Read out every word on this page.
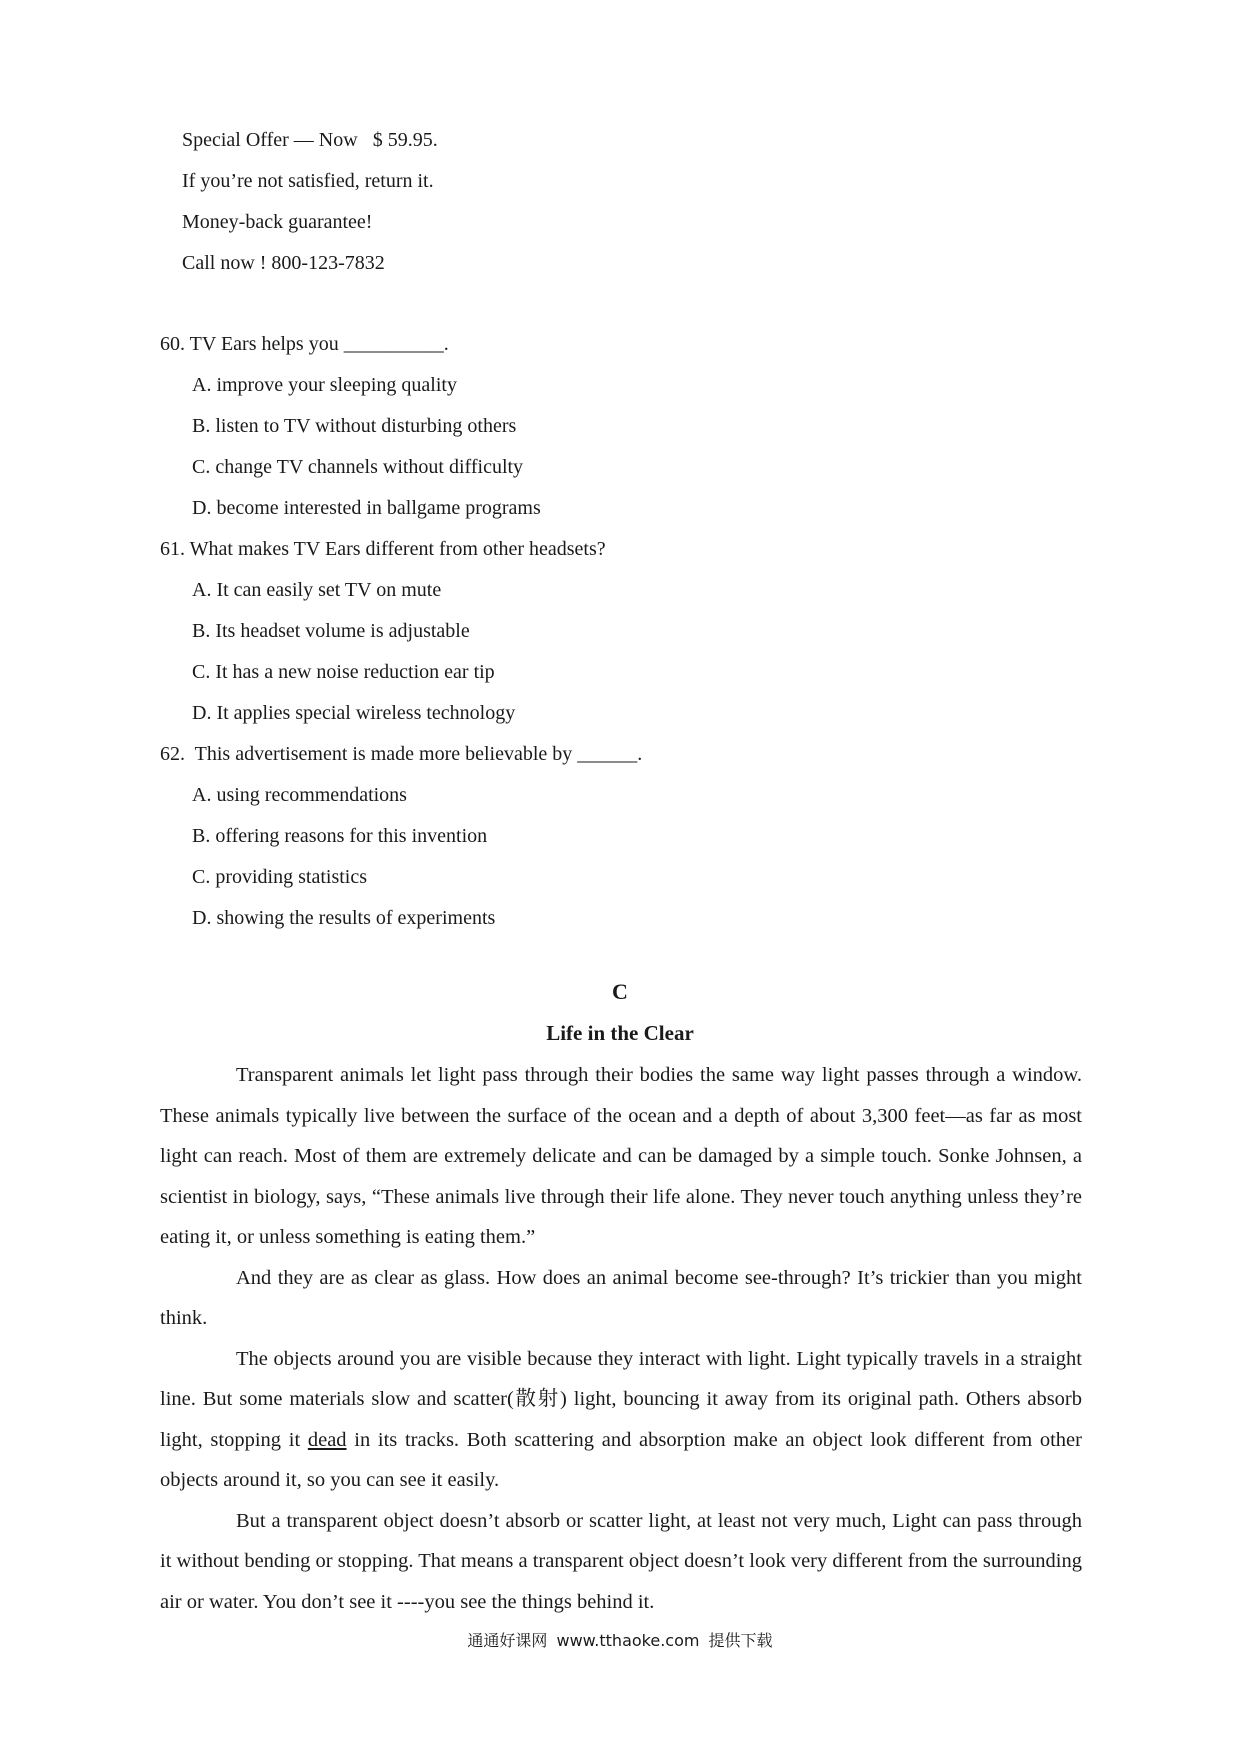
Special Offer — Now   $ 59.95.
If you’re not satisfied, return it.
Money-back guarantee!
Call now ! 800-123-7832
60. TV Ears helps you __________.
A. improve your sleeping quality
B. listen to TV without disturbing others
C. change TV channels without difficulty
D. become interested in ballgame programs
61. What makes TV Ears different from other headsets?
A. It can easily set TV on mute
B. Its headset volume is adjustable
C. It has a new noise reduction ear tip
D. It applies special wireless technology
62.  This advertisement is made more believable by ______.
A. using recommendations
B. offering reasons for this invention
C. providing statistics
D. showing the results of experiments
C
Life in the Clear

Transparent animals let light pass through their bodies the same way light passes through a window. These animals typically live between the surface of the ocean and a depth of about 3,300 feet—as far as most light can reach. Most of them are extremely delicate and can be damaged by a simple touch. Sonke Johnsen, a scientist in biology, says, “These animals live through their life alone. They never touch anything unless they’re eating it, or unless something is eating them.”

And they are as clear as glass. How does an animal become see-through? It’s trickier than you might think.

The objects around you are visible because they interact with light. Light typically travels in a straight line. But some materials slow and scatter(散射) light, bouncing it away from its original path. Others absorb light, stopping it dead in its tracks. Both scattering and absorption make an object look different from other objects around it, so you can see it easily.

But a transparent object doesn’t absorb or scatter light, at least not very much, Light can pass through it without bending or stopping. That means a transparent object doesn’t look very different from the surrounding air or water. You don’t see it ----you see the things behind it.

通通好课网 www.tthaoke.com 提供下载
